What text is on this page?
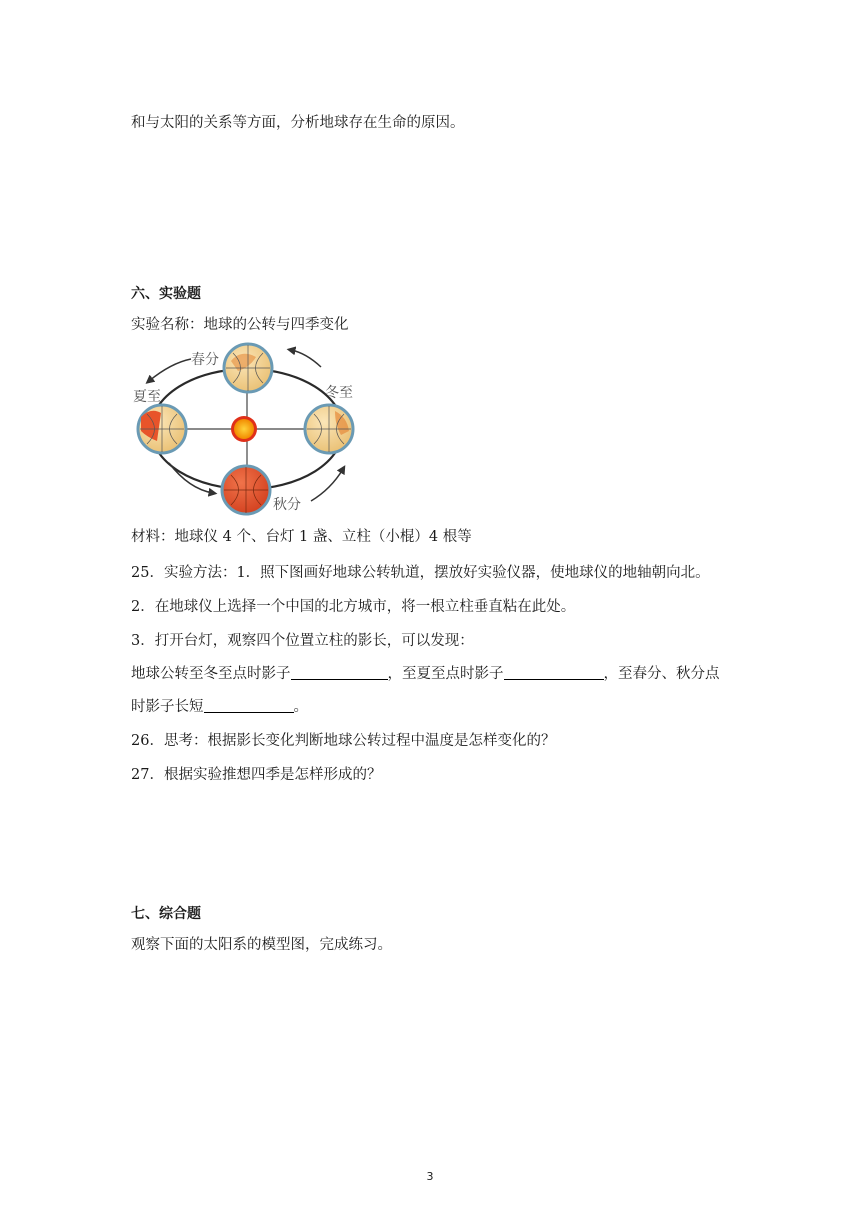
和与太阳的关系等方面，分析地球存在生命的原因。
六、实验题
实验名称：地球的公转与四季变化
春分
夏至	冬至
秋分
材料：地球仪 4 个、台灯 1 盏、立柱（小棍）4 根等
25．实验方法：1．照下图画好地球公转轨道，摆放好实验仪器，使地球仪的地轴朝向北。
2．在地球仪上选择一个中国的北方城市，将一根立柱垂直粘在此处。
3．打开台灯，观察四个位置立柱的影长，可以发现：
地球公转至冬至点时影子	，至夏至点时影子	，至春分、秋分点
时影子长短	。
26．思考：根据影长变化判断地球公转过程中温度是怎样变化的？
27．根据实验推想四季是怎样形成的？
七、综合题
观察下面的太阳系的模型图，完成练习。
3
